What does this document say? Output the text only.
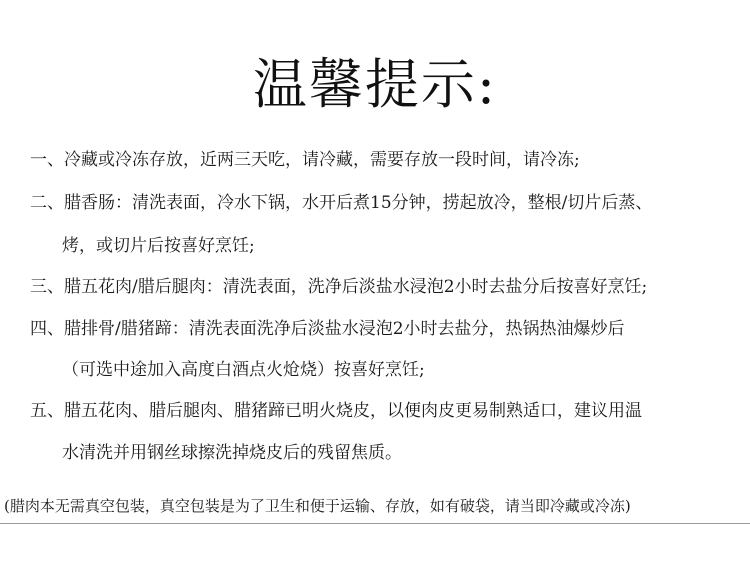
温馨提示:
一、冷藏或冷冻存放，近两三天吃，请冷藏，需要存放一段时间，请冷冻;
二、腊香肠：清洗表面，冷水下锅，水开后煮15分钟，捞起放冷，整根/切片后蒸、
烤，或切片后按喜好烹饪;
三、腊五花肉/腊后腿肉：清洗表面，洗净后淡盐水浸泡2小时去盐分后按喜好烹饪;
四、腊排骨/腊猪蹄：清洗表面洗净后淡盐水浸泡2小时去盐分，热锅热油爆炒后
（可选中途加入高度白酒点火炝烧）按喜好烹饪;
五、腊五花肉、腊后腿肉、腊猪蹄已明火烧皮，以便肉皮更易制熟适口，建议用温
水清洗并用钢丝球擦洗掉烧皮后的残留焦质。
(腊肉本无需真空包装，真空包装是为了卫生和便于运输、存放，如有破袋，请当即冷藏或冷冻)
